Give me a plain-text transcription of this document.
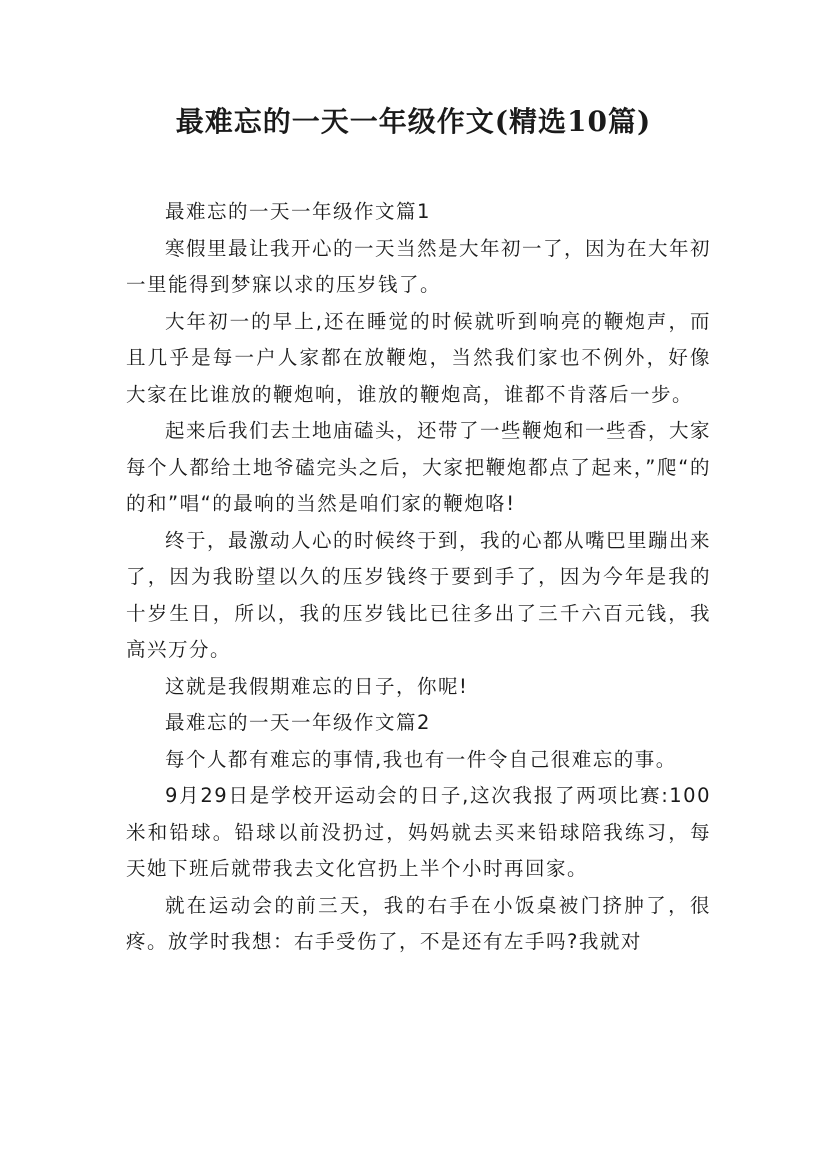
最难忘的一天一年级作文(精选10篇)

最难忘的一天一年级作文篇1

寒假里最让我开心的一天当然是大年初一了，因为在大年初一里能得到梦寐以求的压岁钱了。

大年初一的早上,还在睡觉的时候就听到响亮的鞭炮声，而且几乎是每一户人家都在放鞭炮，当然我们家也不例外，好像大家在比谁放的鞭炮响，谁放的鞭炮高，谁都不肯落后一步。

起来后我们去土地庙磕头，还带了一些鞭炮和一些香，大家每个人都给土地爷磕完头之后，大家把鞭炮都点了起来，”爬“的的和”唱“的最响的当然是咱们家的鞭炮咯!

终于，最激动人心的时候终于到，我的心都从嘴巴里蹦出来了，因为我盼望以久的压岁钱终于要到手了，因为今年是我的十岁生日，所以，我的压岁钱比已往多出了三千六百元钱，我高兴万分。

这就是我假期难忘的日子，你呢!

最难忘的一天一年级作文篇2

每个人都有难忘的事情,我也有一件令自己很难忘的事。

9月29日是学校开运动会的日子,这次我报了两项比赛:100米和铅球。铅球以前没扔过，妈妈就去买来铅球陪我练习，每天她下班后就带我去文化宫扔上半个小时再回家。

就在运动会的前三天，我的右手在小饭桌被门挤肿了，很疼。放学时我想：右手受伤了，不是还有左手吗?我就对
